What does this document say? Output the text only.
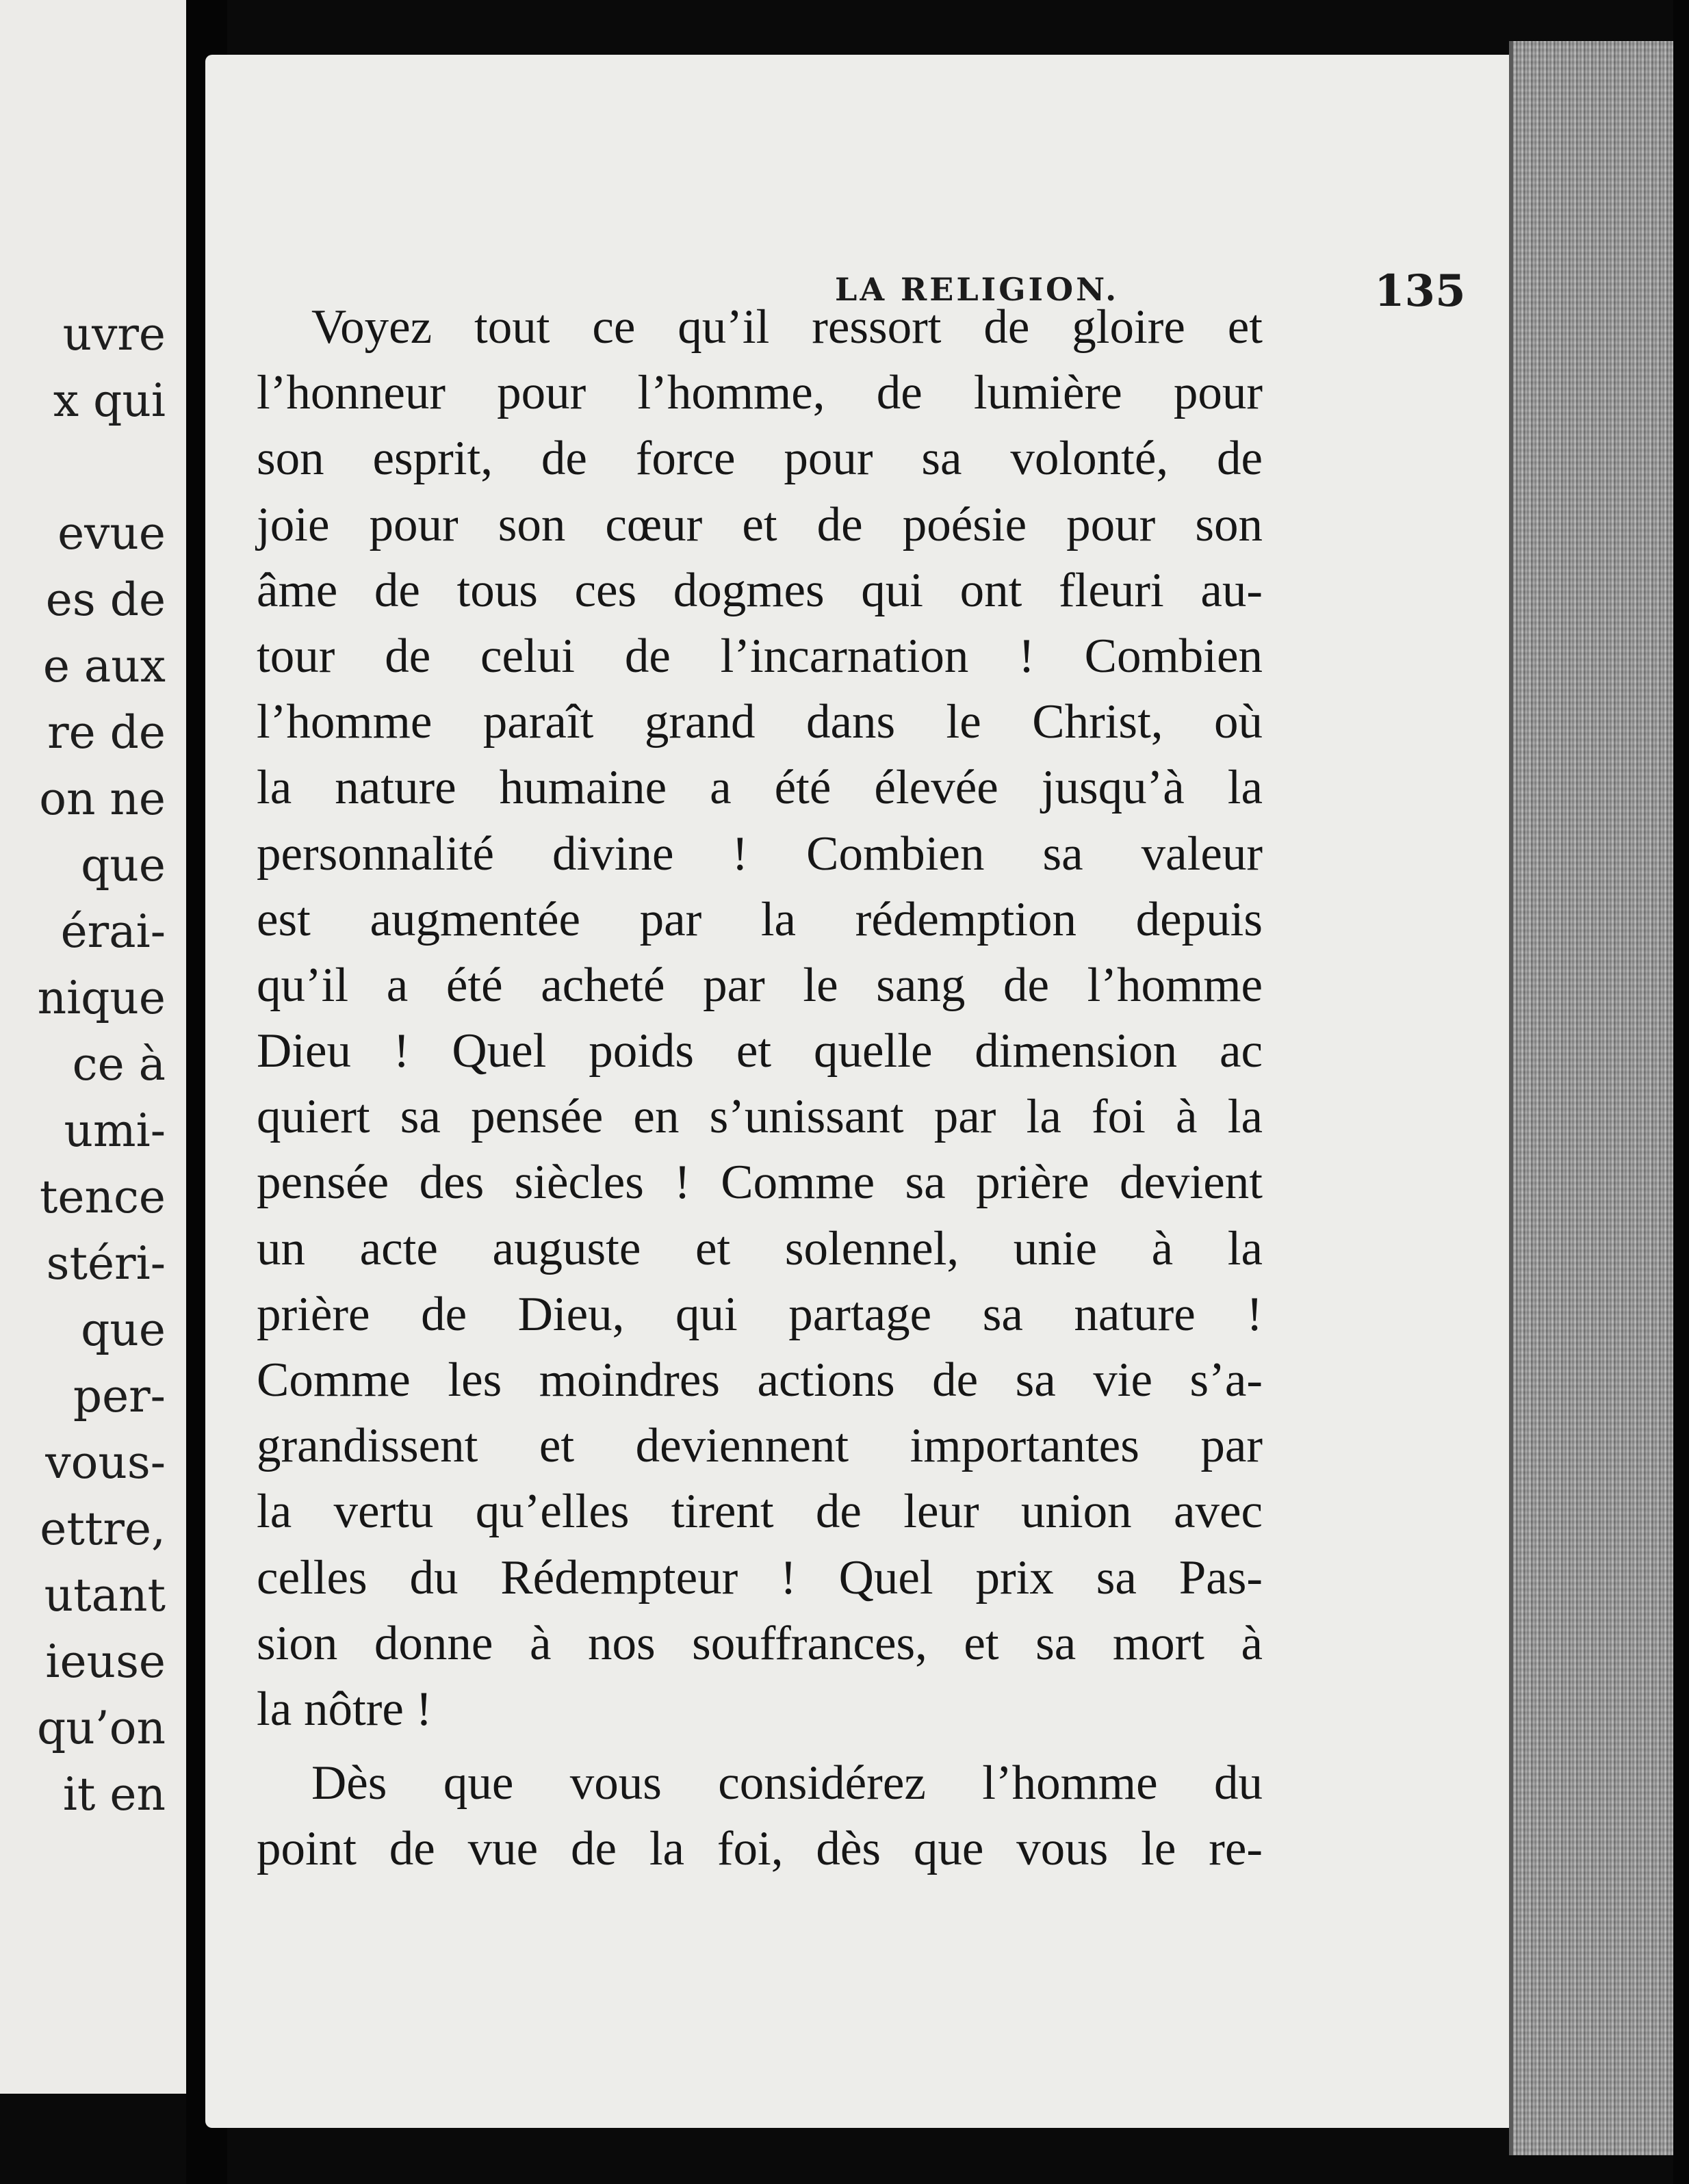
uvre
x qui
evue
es de
e aux
re de
on ne
que
érai-
nique
ce à
umi-
tence
stéri-
que
per-
vous-
ettre,
utant
ieuse
qu’on
it en
LA RELIGION.	135
Voyez tout ce qu’il ressort de gloire et
l’honneur pour l’homme, de lumière pour
son esprit, de force pour sa volonté, de
joie pour son cœur et de poésie pour son
âme de tous ces dogmes qui ont fleuri au-
tour de celui de l’incarnation ! Combien
l’homme paraît grand dans le Christ, où
la nature humaine a été élevée jusqu’à la
personnalité divine ! Combien sa valeur
est augmentée par la rédemption depuis
qu’il a été acheté par le sang de l’homme
Dieu ! Quel poids et quelle dimension ac
quiert sa pensée en s’unissant par la foi à la
pensée des siècles ! Comme sa prière devient
un acte auguste et solennel, unie à la
prière de Dieu, qui partage sa nature !
Comme les moindres actions de sa vie s’a-
grandissent et deviennent importantes par
la vertu qu’elles tirent de leur union avec
celles du Rédempteur ! Quel prix sa Pas-
sion donne à nos souffrances, et sa mort à
la nôtre !
Dès que vous considérez l’homme du
point de vue de la foi, dès que vous le re-
